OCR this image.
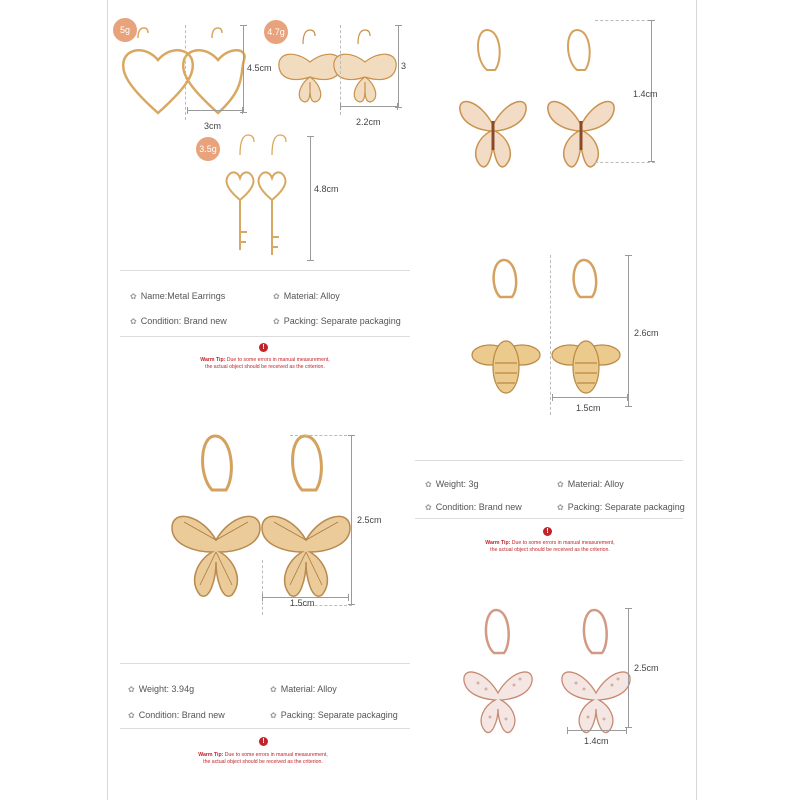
5g
4.5cm
3cm
4.7g
3
2.2cm
3.5g
4.8cm
✿ Name:Metal Earrings	✿ Material: Alloy
✿ Condition: Brand new	✿ Packing: Separate packaging
!
Warm Tip: Due to some errors in manual measurement,
the actual object should be received as the criterion.
1.4cm
2.6cm
1.5cm
✿ Weight: 3g	✿ Material: Alloy
✿ Condition: Brand new	✿ Packing: Separate packaging
!
Warm Tip: Due to some errors in manual measurement,
the actual object should be received as the criterion.
2.5cm
1.5cm
✿ Weight: 3.94g	✿ Material: Alloy
✿ Condition: Brand new	✿ Packing: Separate packaging
!
Warm Tip: Due to some errors in manual measurement,
the actual object should be received as the criterion.
2.5cm
1.4cm
